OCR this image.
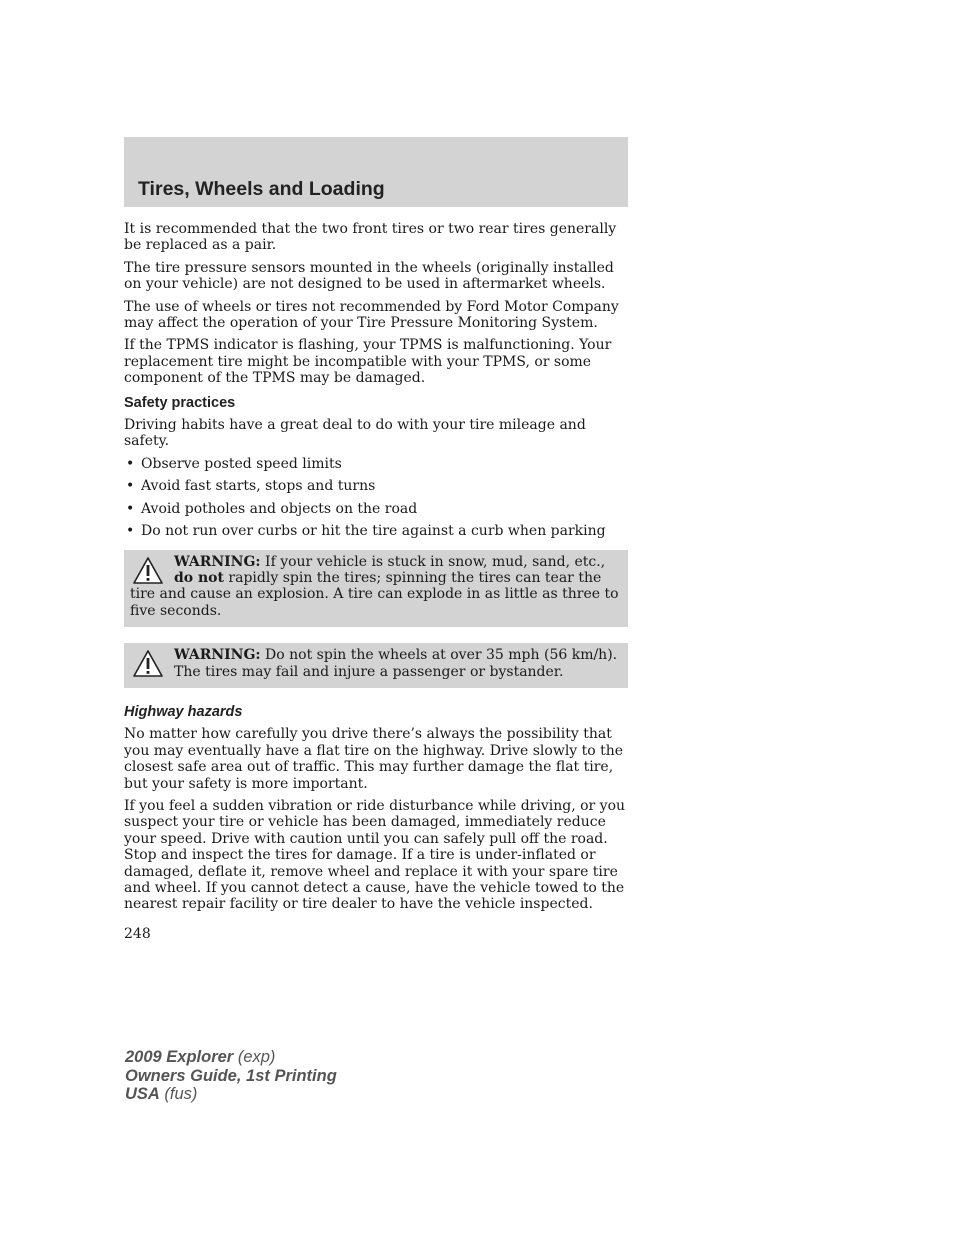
Tires, Wheels and Loading

It is recommended that the two front tires or two rear tires generally be replaced as a pair.

The tire pressure sensors mounted in the wheels (originally installed on your vehicle) are not designed to be used in aftermarket wheels.

The use of wheels or tires not recommended by Ford Motor Company may affect the operation of your Tire Pressure Monitoring System.

If the TPMS indicator is flashing, your TPMS is malfunctioning. Your replacement tire might be incompatible with your TPMS, or some component of the TPMS may be damaged.

Safety practices

Driving habits have a great deal to do with your tire mileage and safety.

• Observe posted speed limits
• Avoid fast starts, stops and turns
• Avoid potholes and objects on the road
• Do not run over curbs or hit the tire against a curb when parking

WARNING: If your vehicle is stuck in snow, mud, sand, etc., do not rapidly spin the tires; spinning the tires can tear the tire and cause an explosion. A tire can explode in as little as three to five seconds.

WARNING: Do not spin the wheels at over 35 mph (56 km/h). The tires may fail and injure a passenger or bystander.

Highway hazards

No matter how carefully you drive there’s always the possibility that you may eventually have a flat tire on the highway. Drive slowly to the closest safe area out of traffic. This may further damage the flat tire, but your safety is more important.

If you feel a sudden vibration or ride disturbance while driving, or you suspect your tire or vehicle has been damaged, immediately reduce your speed. Drive with caution until you can safely pull off the road. Stop and inspect the tires for damage. If a tire is under-inflated or damaged, deflate it, remove wheel and replace it with your spare tire and wheel. If you cannot detect a cause, have the vehicle towed to the nearest repair facility or tire dealer to have the vehicle inspected.

248
2009 Explorer (exp)
Owners Guide, 1st Printing
USA (fus)
